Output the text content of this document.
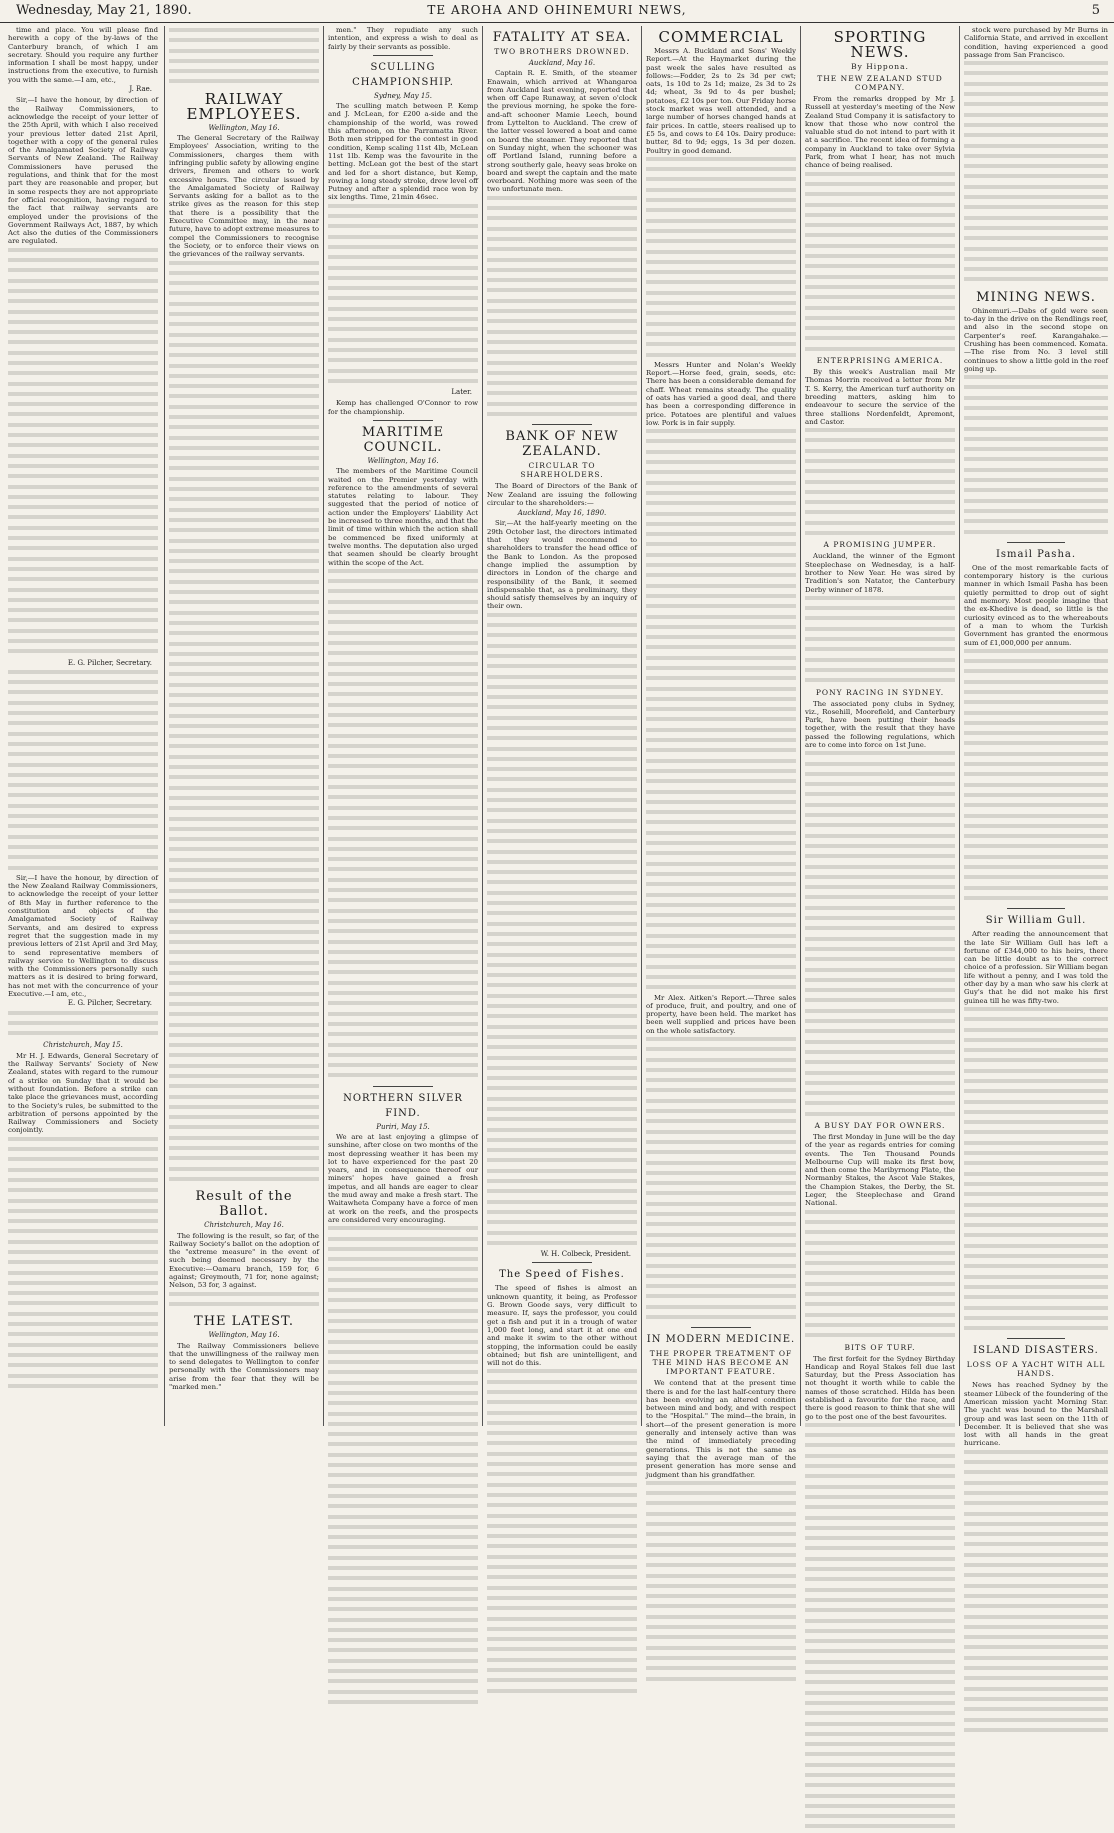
Wednesday, May 21, 1890.	TE AROHA AND OHINEMURI NEWS,	5

time and place. You will please find herewith a copy of the by-laws of the Canterbury branch, of which I am secretary. Should you require any further information I shall be most happy, under instructions from the executive, to furnish you with the same.—I am, etc.,

J. Rae.

Sir,—I have the honour, by direction of the Railway Commissioners, to acknowledge the receipt of your letter of the 25th April, with which I also received your previous letter dated 21st April, together with a copy of the general rules of the Amalgamated Society of Railway Servants of New Zealand. The Railway Commissioners have perused the regulations, and think that for the most part they are reasonable and proper, but in some respects they are not appropriate for official recognition, having regard to the fact that railway servants are employed under the provisions of the Government Railways Act, 1887, by which Act also the duties of the Commissioners are regulated.

E. G. Pilcher, Secretary.

Sir,—I have the honour, by direction of the New Zealand Railway Commissioners, to acknowledge the receipt of your letter of 8th May in further reference to the constitution and objects of the Amalgamated Society of Railway Servants, and am desired to express regret that the suggestion made in my previous letters of 21st April and 3rd May, to send representative members of railway service to Wellington to discuss with the Commissioners personally such matters as it is desired to bring forward, has not met with the concurrence of your Executive.—I am, etc.,

E. G. Pilcher, Secretary.
Christchurch, May 15.

Mr H. J. Edwards, General Secretary of the Railway Servants' Society of New Zealand, states with regard to the rumour of a strike on Sunday that it would be without foundation. Before a strike can take place the grievances must, according to the Society's rules, be submitted to the arbitration of persons appointed by the Railway Commissioners and Society conjointly.

RAILWAY EMPLOYEES.
Wellington, May 16.

The General Secretary of the Railway Employees' Association, writing to the Commissioners, charges them with infringing public safety by allowing engine drivers, firemen and others to work excessive hours. The circular issued by the Amalgamated Society of Railway Servants asking for a ballot as to the strike gives as the reason for this step that there is a possibility that the Executive Committee may, in the near future, have to adopt extreme measures to compel the Commissioners to recognise the Society, or to enforce their views on the grievances of the railway servants.

Result of the Ballot.
Christchurch, May 16.

The following is the result, so far, of the Railway Society's ballot on the adoption of the "extreme measure" in the event of such being deemed necessary by the Executive:—Oamaru branch, 159 for, 6 against; Greymouth, 71 for, none against; Nelson, 53 for, 3 against.

THE LATEST.
Wellington, May 16.

The Railway Commissioners believe that the unwillingness of the railway men to send delegates to Wellington to confer personally with the Commissioners may arise from the fear that they will be "marked men."

men." They repudiate any such intention, and express a wish to deal as fairly by their servants as possible.

SCULLING CHAMPIONSHIP.
Sydney, May 15.

The sculling match between P. Kemp and J. McLean, for £200 a-side and the championship of the world, was rowed this afternoon, on the Parramatta River. Both men stripped for the contest in good condition, Kemp scaling 11st 4lb, McLean 11st 1lb. Kemp was the favourite in the betting. McLean got the best of the start and led for a short distance, but Kemp, rowing a long steady stroke, drew level off Putney and after a splendid race won by six lengths. Time, 21min 46sec.

Later.

Kemp has challenged O'Connor to row for the championship.

MARITIME COUNCIL.
Wellington, May 16.

The members of the Maritime Council waited on the Premier yesterday with reference to the amendments of several statutes relating to labour. They suggested that the period of notice of action under the Employers' Liability Act be increased to three months, and that the limit of time within which the action shall be commenced be fixed uniformly at twelve months. The deputation also urged that seamen should be clearly brought within the scope of the Act.

NORTHERN SILVER FIND.
Puriri, May 15.

We are at last enjoying a glimpse of sunshine, after close on two months of the most depressing weather it has been my lot to have experienced for the past 20 years, and in consequence thereof our miners' hopes have gained a fresh impetus, and all hands are eager to clear the mud away and make a fresh start. The Waitawheta Company have a force of men at work on the reefs, and the prospects are considered very encouraging.

FATALITY AT SEA.
TWO BROTHERS DROWNED.
Auckland, May 16.

Captain R. E. Smith, of the steamer Enawain, which arrived at Whangaroa from Auckland last evening, reported that when off Cape Runaway, at seven o'clock the previous morning, he spoke the fore-and-aft schooner Mamie Leech, bound from Lyttelton to Auckland. The crew of the latter vessel lowered a boat and came on board the steamer. They reported that on Sunday night, when the schooner was off Portland Island, running before a strong southerly gale, heavy seas broke on board and swept the captain and the mate overboard. Nothing more was seen of the two unfortunate men.

BANK OF NEW ZEALAND.
CIRCULAR TO SHAREHOLDERS.

The Board of Directors of the Bank of New Zealand are issuing the following circular to the shareholders:—

Auckland, May 16, 1890.

Sir,—At the half-yearly meeting on the 29th October last, the directors intimated that they would recommend to shareholders to transfer the head office of the Bank to London. As the proposed change implied the assumption by directors in London of the charge and responsibility of the Bank, it seemed indispensable that, as a preliminary, they should satisfy themselves by an inquiry of their own.

W. H. Colbeck, President.
The Speed of Fishes.

The speed of fishes is almost an unknown quantity, it being, as Professor G. Brown Goode says, very difficult to measure. If, says the professor, you could get a fish and put it in a trough of water 1,000 feet long, and start it at one end and make it swim to the other without stopping, the information could be easily obtained; but fish are unintelligent, and will not do this.

COMMERCIAL

Messrs A. Buckland and Sons' Weekly Report.—At the Haymarket during the past week the sales have resulted as follows:—Fodder, 2s to 2s 3d per cwt; oats, 1s 10d to 2s 1d; maize, 2s 3d to 2s 4d; wheat, 3s 9d to 4s per bushel; potatoes, £2 10s per ton. Our Friday horse stock market was well attended, and a large number of horses changed hands at fair prices. In cattle, steers realised up to £5 5s, and cows to £4 10s. Dairy produce: butter, 8d to 9d; eggs, 1s 3d per dozen. Poultry in good demand.

Messrs Hunter and Nolan's Weekly Report.—Horse feed, grain, seeds, etc: There has been a considerable demand for chaff. Wheat remains steady. The quality of oats has varied a good deal, and there has been a corresponding difference in price. Potatoes are plentiful and values low. Pork is in fair supply.

Mr Alex. Aitken's Report.—Three sales of produce, fruit, and poultry, and one of property, have been held. The market has been well supplied and prices have been on the whole satisfactory.

IN MODERN MEDICINE.
THE PROPER TREATMENT OF THE MIND HAS BECOME AN IMPORTANT FEATURE.

We contend that at the present time there is and for the last half-century there has been evolving an altered condition between mind and body, and with respect to the "Hospital." The mind—the brain, in short—of the present generation is more generally and intensely active than was the mind of immediately preceding generations. This is not the same as saying that the average man of the present generation has more sense and judgment than his grandfather.

SPORTING NEWS.
By Hippona.
THE NEW ZEALAND STUD COMPANY.

From the remarks dropped by Mr J. Russell at yesterday's meeting of the New Zealand Stud Company it is satisfactory to know that those who now control the valuable stud do not intend to part with it at a sacrifice. The recent idea of forming a company in Auckland to take over Sylvia Park, from what I hear, has not much chance of being realised.

ENTERPRISING AMERICA.

By this week's Australian mail Mr Thomas Morrin received a letter from Mr T. S. Kerry, the American turf authority on breeding matters, asking him to endeavour to secure the service of the three stallions Nordenfeldt, Apremont, and Castor.

A PROMISING JUMPER.

Auckland, the winner of the Egmont Steeplechase on Wednesday, is a half-brother to New Year. He was sired by Tradition's son Natator, the Canterbury Derby winner of 1878.

PONY RACING IN SYDNEY.

The associated pony clubs in Sydney, viz., Rosehill, Moorefield, and Canterbury Park, have been putting their heads together, with the result that they have passed the following regulations, which are to come into force on 1st June.

A BUSY DAY FOR OWNERS.

The first Monday in June will be the day of the year as regards entries for coming events. The Ten Thousand Pounds Melbourne Cup will make its first bow, and then come the Maribyrnong Plate, the Normanby Stakes, the Ascot Vale Stakes, the Champion Stakes, the Derby, the St. Leger, the Steeplechase and Grand National.

BITS OF TURF.

The first forfeit for the Sydney Birthday Handicap and Royal Stakes fell due last Saturday, but the Press Association has not thought it worth while to cable the names of those scratched. Hilda has been established a favourite for the race, and there is good reason to think that she will go to the post one of the best favourites.

stock were purchased by Mr Burns in California State, and arrived in excellent condition, having experienced a good passage from San Francisco.

MINING NEWS.

Ohinemuri.—Dabs of gold were seen to-day in the drive on the Rendlings reef, and also in the second stope on Carpenter's reef. Karangahake.—Crushing has been commenced. Komata.—The rise from No. 3 level still continues to show a little gold in the reef going up.

Ismail Pasha.

One of the most remarkable facts of contemporary history is the curious manner in which Ismail Pasha has been quietly permitted to drop out of sight and memory. Most people imagine that the ex-Khedive is dead, so little is the curiosity evinced as to the whereabouts of a man to whom the Turkish Government has granted the enormous sum of £1,000,000 per annum.

Sir William Gull.

After reading the announcement that the late Sir William Gull has left a fortune of £344,000 to his heirs, there can be little doubt as to the correct choice of a profession. Sir William began life without a penny, and I was told the other day by a man who saw his clerk at Guy's that he did not make his first guinea till he was fifty-two.

ISLAND DISASTERS.
LOSS OF A YACHT WITH ALL HANDS.

News has reached Sydney by the steamer Lübeck of the foundering of the American mission yacht Morning Star. The yacht was bound to the Marshall group and was last seen on the 11th of December. It is believed that she was lost with all hands in the great hurricane.
